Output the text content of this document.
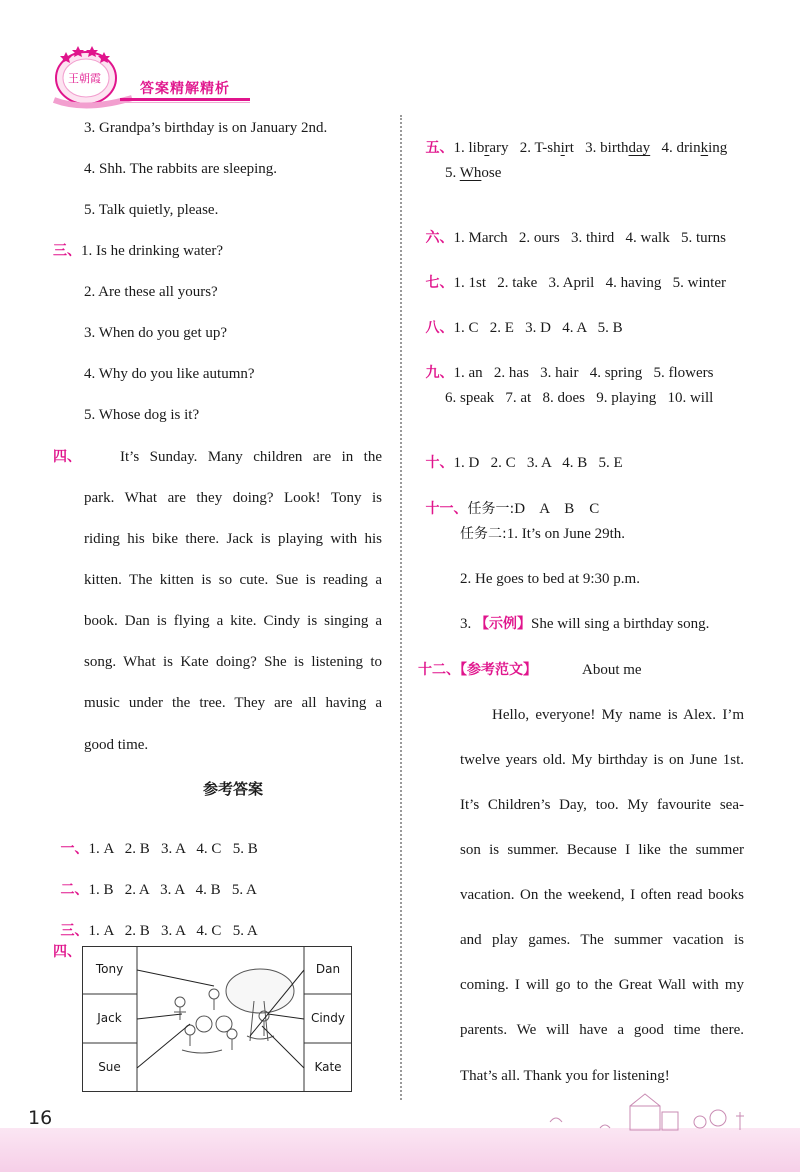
王朝霞
答案精解精析
3. Grandpa’s birthday is on January 2nd.
4. Shh. The rabbits are sleeping.
5. Talk quietly, please.
三、1. Is he drinking water?
2. Are these all yours?
3. When do you get up?
4. Why do you like autumn?
5. Whose dog is it?
四、	It’s Sunday. Many children are in the
park. What are they doing? Look! Tony is
riding his bike there. Jack is playing with his
kitten. The kitten is so cute. Sue is reading a
book. Dan is flying a kite. Cindy is singing a
song. What is Kate doing? She is listening to
music under the tree. They are all having a
good time.
参考答案

一、1. A   2. B   3. A   4. C   5. B

二、1. B   2. A   3. A   4. B   5. A

三、1. A   2. B   3. A   4. C   5. A

四、
Tony
Jack
Sue
Dan
Cindy
Kate

五、1. library   2. T-shirt   3. birthday   4. drinking

5. Whose

六、1. March   2. ours   3. third   4. walk   5. turns

七、1. 1st   2. take   3. April   4. having   5. winter

八、1. C   2. E   3. D   4. A   5. B

九、1. an   2. has   3. hair   4. spring   5. flowers

6. speak   7. at   8. does   9. playing   10. will

十、1. D   2. C   3. A   4. B   5. E

十一、任务一:D    A    B    C

任务二:1. It’s on June 29th.
2. He goes to bed at 9:30 p.m.
3. 【示例】She will sing a birthday song.
十二、【参考范文】	About me
Hello, everyone! My name is Alex. I’m
twelve years old. My birthday is on June 1st.
It’s Children’s Day, too. My favourite sea-
son is summer. Because I like the summer
vacation. On the weekend, I often read books
and play games. The summer vacation is
coming. I will go to the Great Wall with my
parents. We will have a good time there.
That’s all. Thank you for listening!
16
